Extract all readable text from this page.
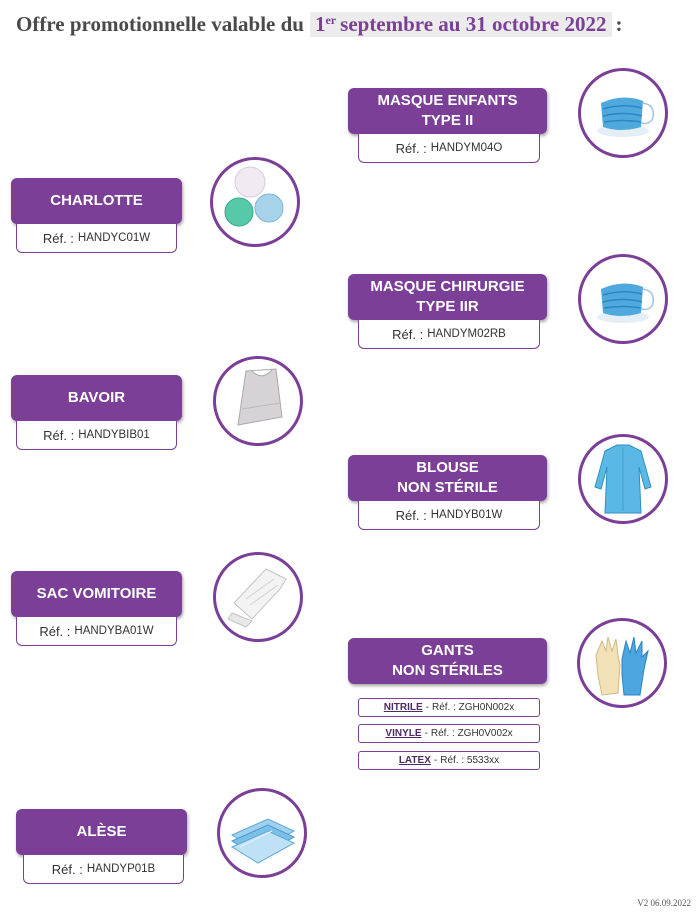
Offre promotionnelle valable du 1er septembre au 31 octobre 2022 :
MASQUE ENFANTS
TYPE II
Réf. : HANDYM04O
CHARLOTTE
Réf. : HANDYC01W
MASQUE CHIRURGIE
TYPE IIR
Réf. : HANDYM02RB
BAVOIR
Réf. : HANDYBIB01
BLOUSE
NON STÉRILE
Réf. : HANDYB01W
SAC VOMITOIRE
Réf. : HANDYBA01W
GANTS
NON STÉRILES
NITRILE - Réf. :
ZGH0N002x
VINYLE - Réf. :
ZGH0V002x
LATEX - Réf. :
5533xx
ALÈSE
Réf. : HANDYP01B
V2 06.09.2022
